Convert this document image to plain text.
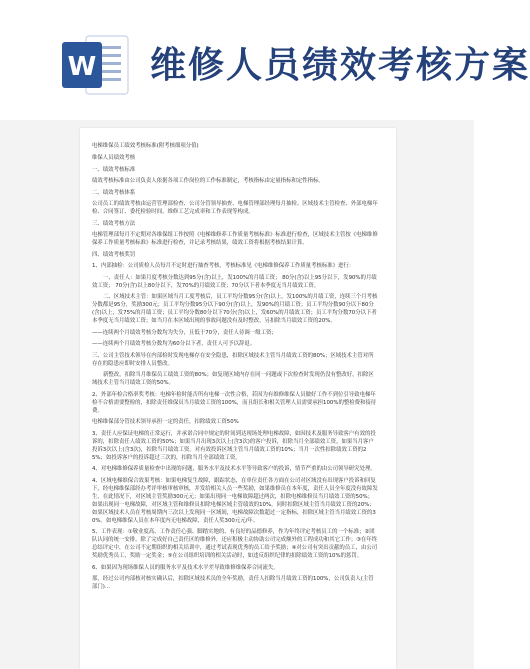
W 维修人员绩效考核方案

电梯维保员工绩效考核标准(附考核细项分值)

维保人员绩效考核

一、绩效考核标准

绩效考核标准由公司负责人依据各项工作岗位的工作标准制定，考核指标由定量指标和定性指标。

二、绩效考核体系

公司员工的绩效考核由运营管理部检查、公司分管领导抽查、电梯管理部经理每月抽检、区域技术主管检查、外部电梯年检、合同签订、委托检验时间、维修工艺完成率和工作表现等构成。

三、绩效考核方法

电梯管理部每月不定期对各维保组工作按照《电梯维修养工作质量考核标准》标准进行检查，区域技术主管按《电梯维修保养工作质量考核标准》标准进行检查，并记录考核结果，绩效工资将根据考核结果计算。

四、绩效考核奖罚

1、内部抽检：公司质检人员每月不定时进行抽查考核，考核标准见《电梯维修保养工作质量考核标准》进行：

一、责任人：如果月度考核分数达到95分(含)以上，发100%的月绩工资； 80分(含)以上95分以下，发90%的月绩效工资； 70分(含)以上80分以下，发70%的月绩效工资；70分以下者本季度无当月绩效工资。

二、区域技术主管：如果区域当月工度考核后，员工平均分数95分(含)以上，发100%的月绩工资，连续三个月考核分数都是95分，奖励300元；员工平均分数95分以下90分(含)以上，发90%的月绩工资；员工平均分数90分以下80分(含)以上，发75%的月绩工资；员工平均分数80分以下70分(含)以上，发60%的月绩效工资；员工平均分数70分以下者本季度无当月绩效工资；如当月在本区域出现的事故问题没有及时整改，另扣除当月绩效工资的20%。

——连续两个月绩效考核分数均为失分，且低于70分，责任人待调一级工资；

——连续两个月绩效考核分数均为60分以下者，责任人可予以辞退。

三、公司主管技术领导在内部检时发现电梯存在安全隐患，扣除区域技术主管当月绩效工资的80%；区域技术主管对所存在的隐患应即时安排人员整改。

新整改，扣除当月维保员工绩效工资的80%；如复现区域内存在同一问题或下次检查时发现仍没有整改好，扣除区域技术主管当月绩效工资的50%。

2、外部年检合格率奖考核：电梯年检时能否所有电梯一次性合格，若因为有维修维保人员做好工作不到位引导致电梯年检不合格需要整检的，扣除责任维保员当月绩效工资的100%，而且组长和相关管理人员需要承担100%的整检费和接待费。

电梯维保部分管技术领导承担一定的责任，扣除绩效工资50%

3、责任人应保证电梯的正常运行，并承诺合同中规定的时间到达现场处理电梯故障，如因技术及服务导致客户有效的投诉的，扣除责任人绩效工资的50%；如果当月出现3次以上(含3次)的客户投诉，扣除当月全部绩效工资，如果当月客户投诉3次以上(含3次)，扣除当月绩效工资。对有效投诉区域主管当月绩效工资的10%；当月一次性扣除绩效工资的25%；如投诉客户的投诉超过三次的，扣除当月全部绩效工资。

4、对电梯维修保养质量检查中出现的问题，服务水平及技术水平等导致客户的投诉，情节严重的由公司领导研究处理。

4、区域电梯维保合效果考核：如果电梯复生故障，跟踪状态，在单位责任各方面在公司对区域没有出现客户投诉和回复下，经电梯维保部经办考评审核审核审核，并发给相关人员一些奖励，如果维修员在本年度，责任人员全年度没有故障发生，在此情况下，对区域主管奖励300元元；如果出现同一电梯故障超过两次，扣除电梯维修员当月绩效工资的50%；如果出现同一电梯故障，对区域主管和维修员扣除电梯区域主管绩效的10%，同时扣除区域主管当月绩效工资的20%；如果区域技术人员在考核周期内三次以上发现同一区域间，电梯故障次数超过一定指标，扣除区域主管当月绩效工资的30%。如电梯维保人员在本年度内无电梯故障，责任人奖300元元/年。

5、工作表现：①敬业度高、工作责任心强、脚踏实地的、有良好的品德修养，作为年终评定考核员工的一个标准；②团队认同的统一安排，除了完成好自己责任区的维修外，还应积极主动协助公司完成额外的工程成功和其它工作；③在年终总结评定中，在公司不定期组织的相关培训中，通过考试表现优秀的员工给予奖励；④对公司有突出贡献的员工，由公司奖励优秀员工，奖励一定奖金；⑤在公司组织培训的相关活动时，如违反组织纪律的扣除绩效工资的10%的惩罚。

6、如果因为现场维保人员的服务水平及技术水平差导致维修维保养合同流失。

那，经过公司内部核对核实确认后，扣除区域技术员的全年奖励，责任人扣除当月绩效工资的100%，公司负责人(主管部门)...
